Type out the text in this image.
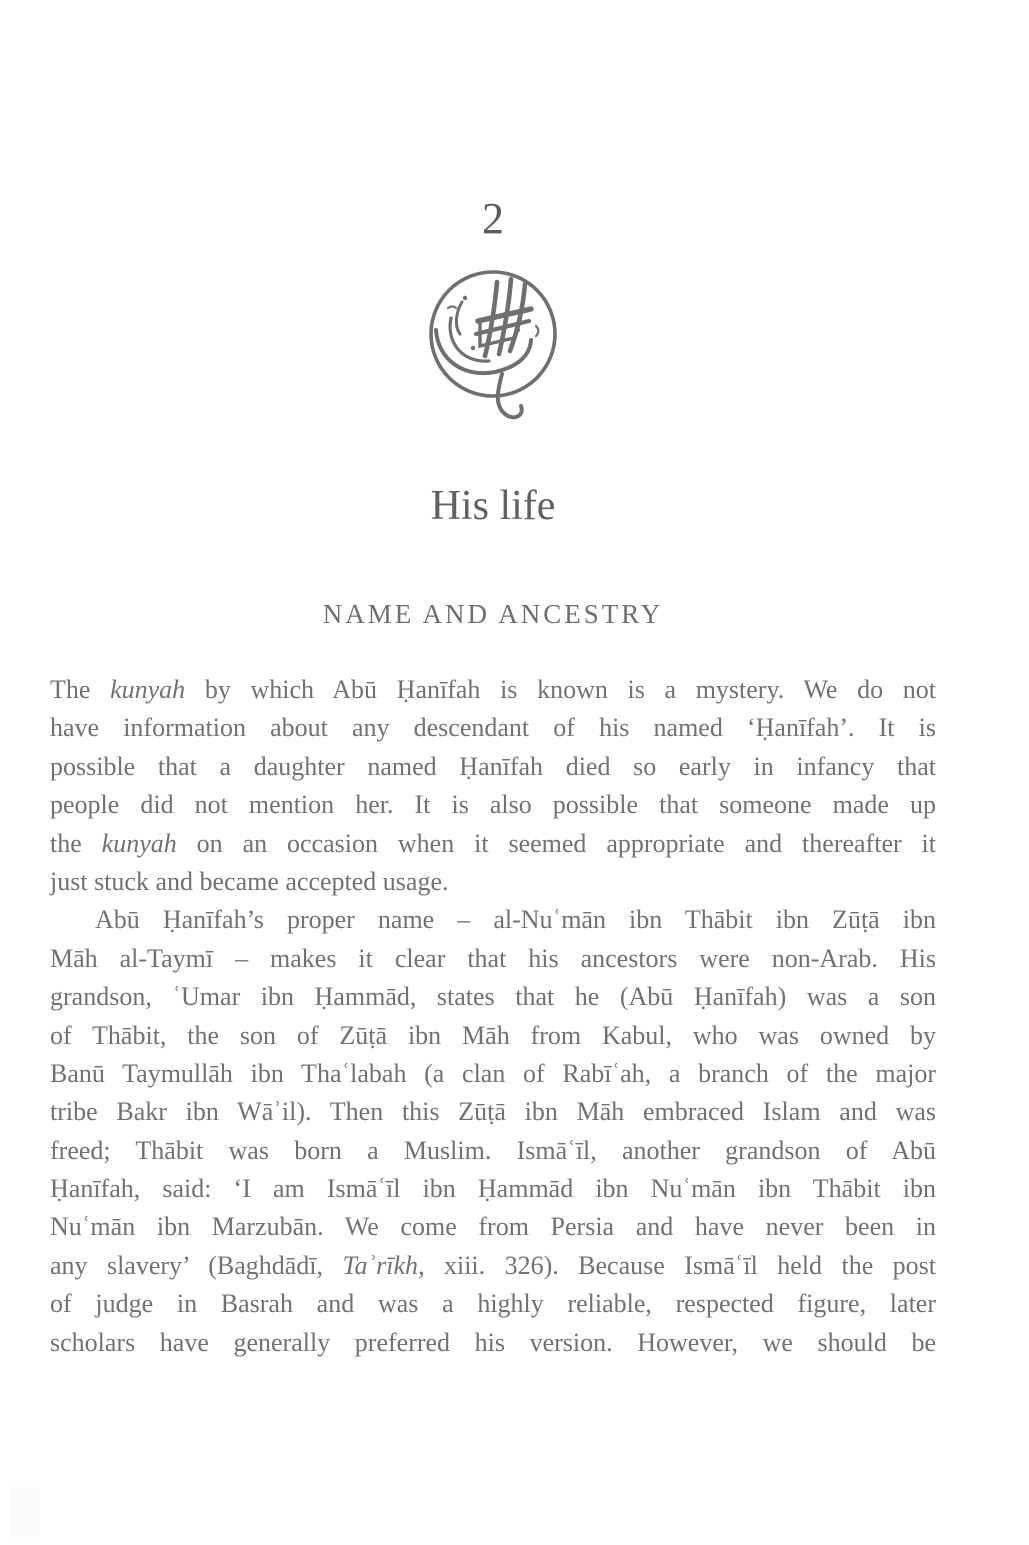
2
His life
NAME AND ANCESTRY
The kunyah by which Abū Ḥanīfah is known is a mystery. We do not
have information about any descendant of his named ‘Ḥanīfah’. It is
possible that a daughter named Ḥanīfah died so early in infancy that
people did not mention her. It is also possible that someone made up
the kunyah on an occasion when it seemed appropriate and thereafter it
just stuck and became accepted usage.
Abū Ḥanīfah’s proper name – al-Nuʿmān ibn Thābit ibn Zūṭā ibn
Māh al-Taymī – makes it clear that his ancestors were non-Arab. His
grandson, ʿUmar ibn Ḥammād, states that he (Abū Ḥanīfah) was a son
of Thābit, the son of Zūṭā ibn Māh from Kabul, who was owned by
Banū Taymullāh ibn Thaʿlabah (a clan of Rabīʿah, a branch of the major
tribe Bakr ibn Wāʾil). Then this Zūṭā ibn Māh embraced Islam and was
freed; Thābit was born a Muslim. Ismāʿīl, another grandson of Abū
Ḥanīfah, said: ‘I am Ismāʿīl ibn Ḥammād ibn Nuʿmān ibn Thābit ibn
Nuʿmān ibn Marzubān. We come from Persia and have never been in
any slavery’ (Baghdādī, Taʾrīkh, xiii. 326). Because Ismāʿīl held the post
of judge in Basrah and was a highly reliable, respected figure, later
scholars have generally preferred his version. However, we should be
